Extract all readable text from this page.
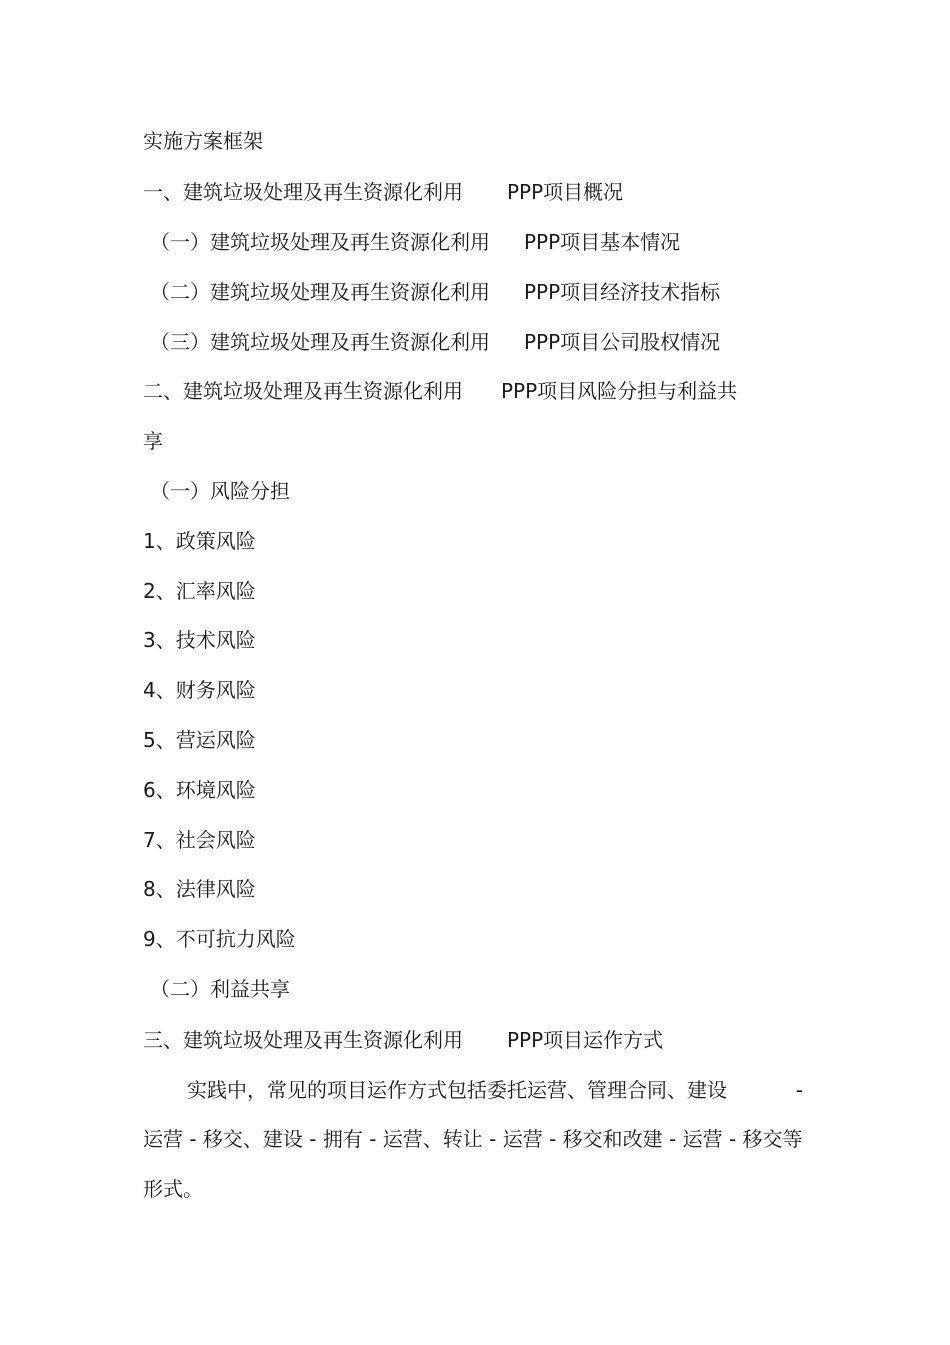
实施方案框架
一、建筑垃圾处理及再生资源化利用 PPP项目概况
（一）建筑垃圾处理及再生资源化利用 PPP项目基本情况
（二）建筑垃圾处理及再生资源化利用 PPP项目经济技术指标
（三）建筑垃圾处理及再生资源化利用 PPP项目公司股权情况
二、建筑垃圾处理及再生资源化利用 PPP项目风险分担与利益共
享
（一）风险分担
1、政策风险
2、汇率风险
3、技术风险
4、财务风险
5、营运风险
6、环境风险
7、社会风险
8、法律风险
9、不可抗力风险
（二）利益共享
三、建筑垃圾处理及再生资源化利用 PPP项目运作方式
实践中，常见的项目运作方式包括委托运营、管理合同、建设	-
运营 - 移交、建设 - 拥有 - 运营、转让 - 运营 - 移交和改建 - 运营 - 移交等
形式。
